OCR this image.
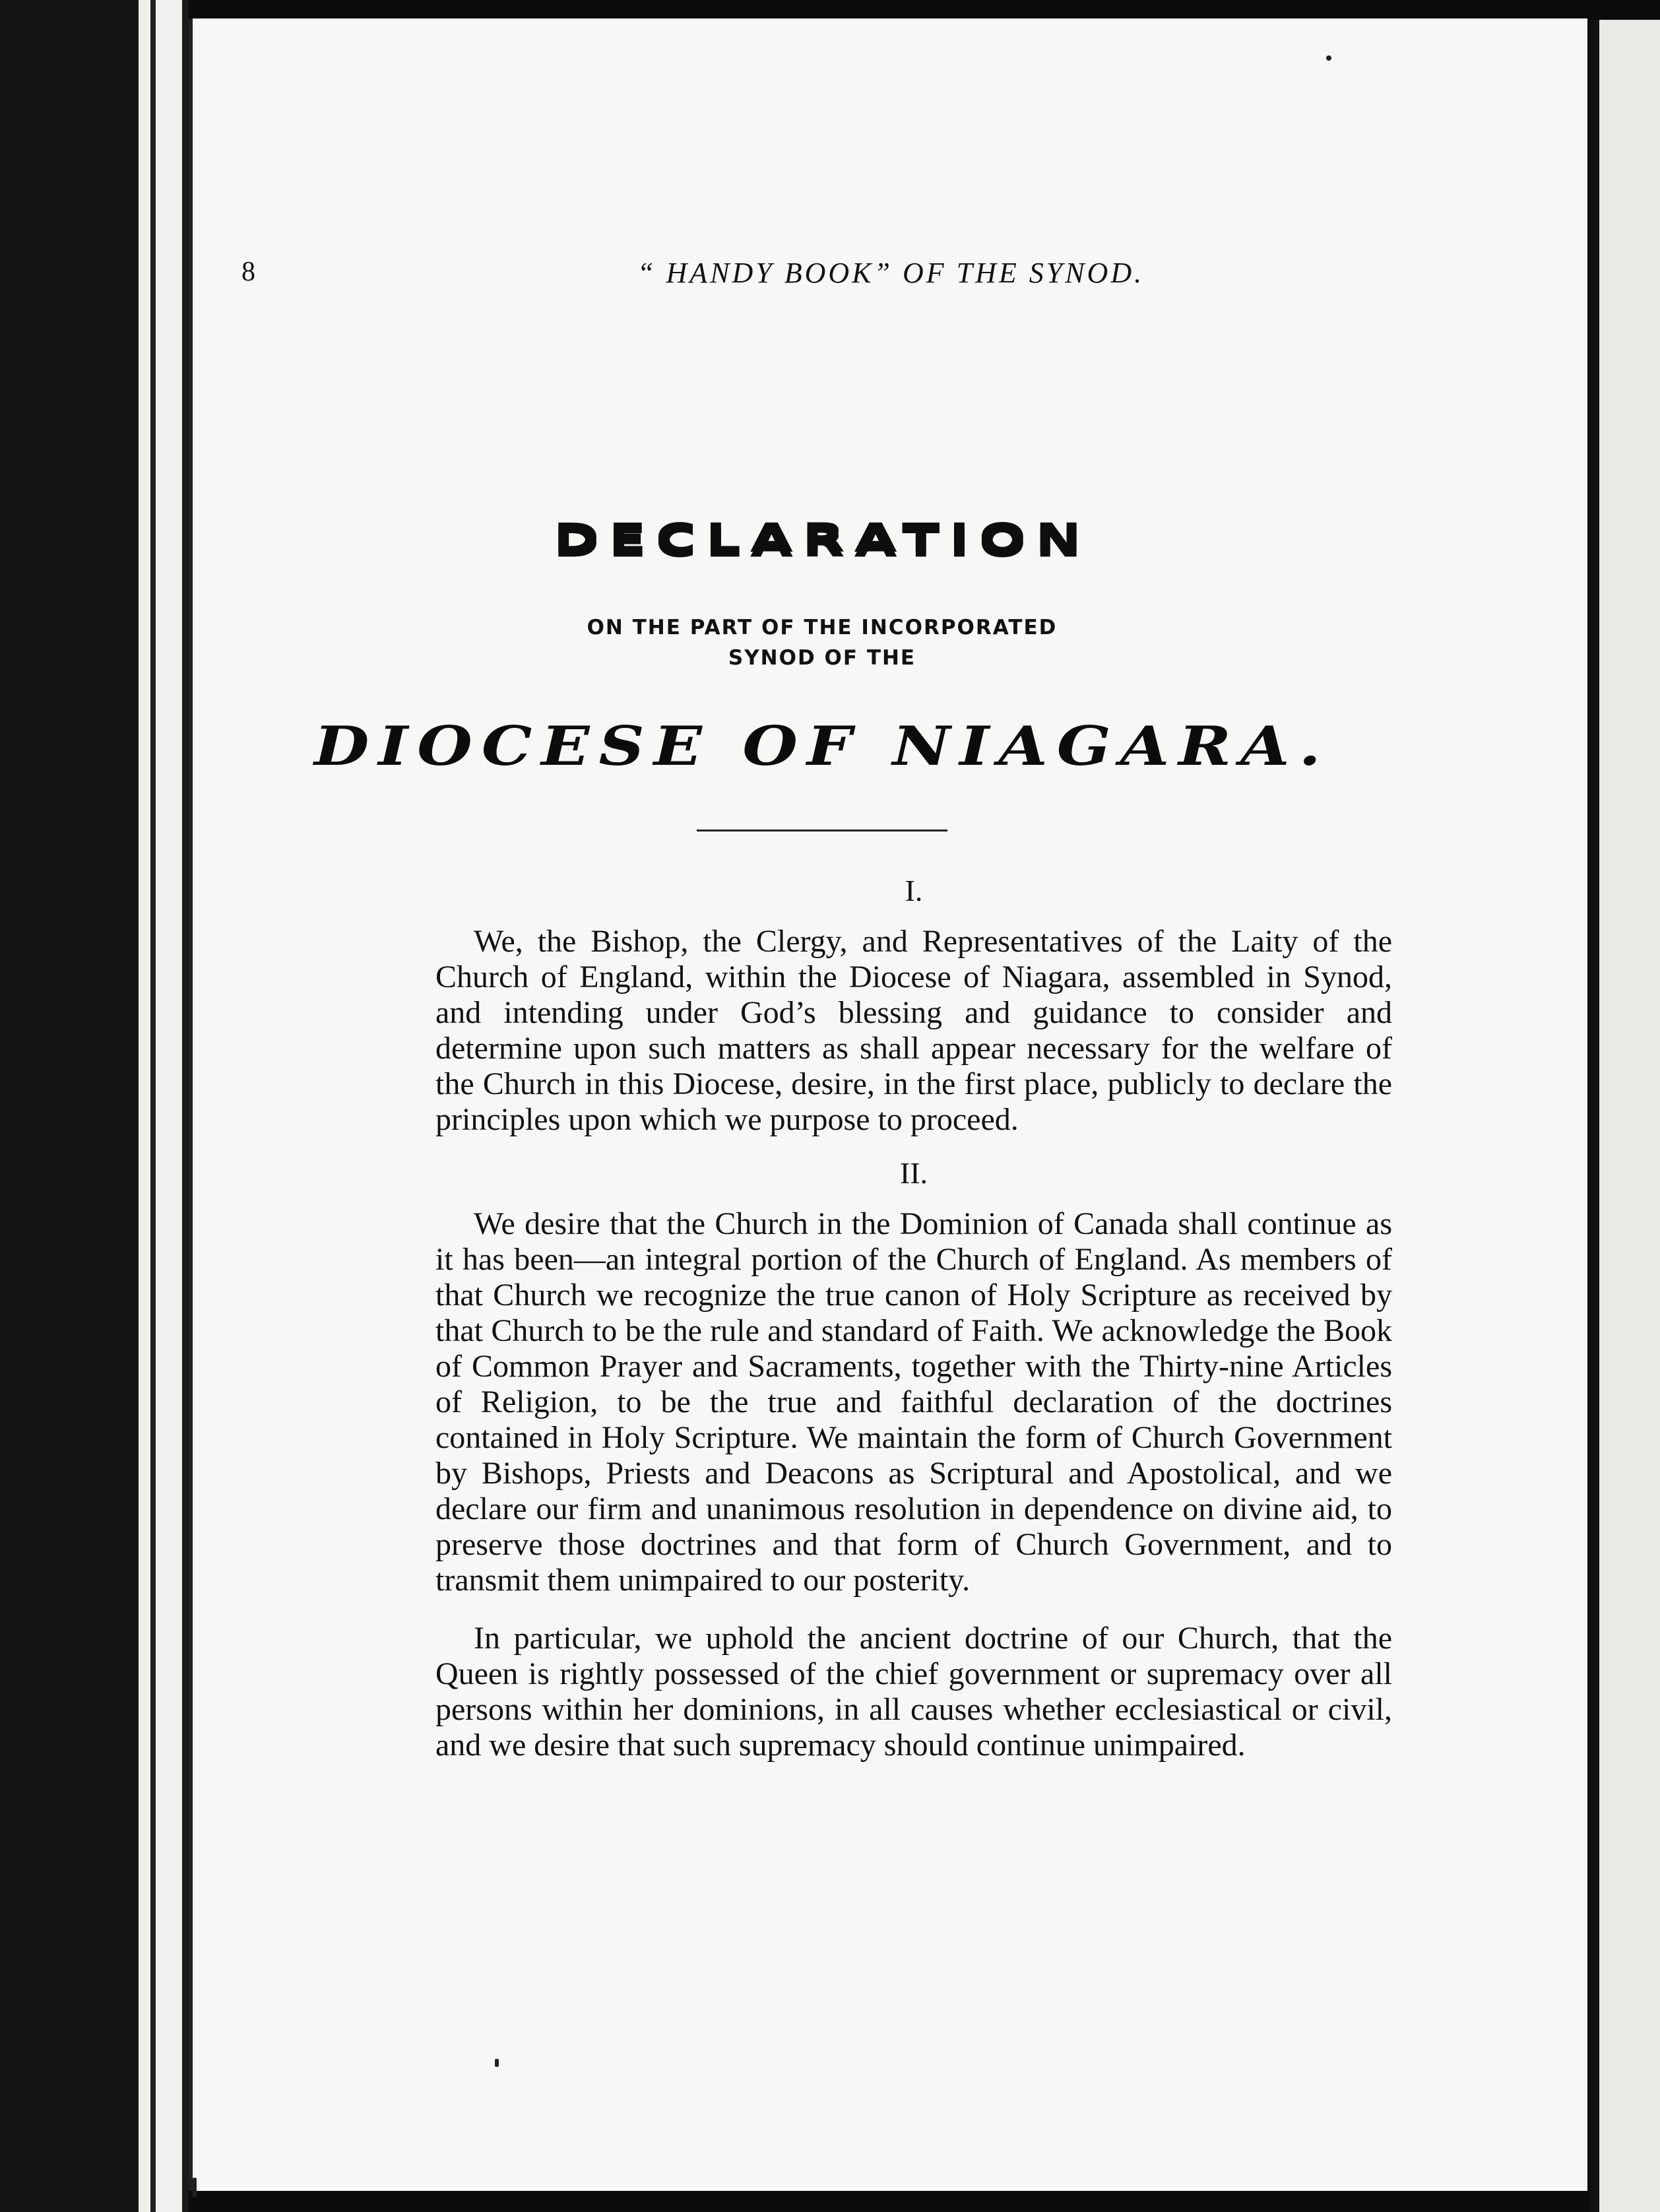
8	“ HANDY BOOK” OF THE SYNOD.
DECLARATION
ON THE PART OF THE INCORPORATED
SYNOD OF THE
DIOCESE OF NIAGARA.
I.

We, the Bishop, the Clergy, and Representatives of the Laity of the Church of England, within the Diocese of Niagara, assembled in Synod, and intending under God’s blessing and guidance to consider and determine upon such matters as shall appear necessary for the welfare of the Church in this Diocese, desire, in the first place, publicly to declare the principles upon which we purpose to proceed.

II.

We desire that the Church in the Dominion of Canada shall continue as it has been—an integral portion of the Church of England. As members of that Church we recognize the true canon of Holy Scripture as received by that Church to be the rule and standard of Faith. We acknowledge the Book of Common Prayer and Sacraments, together with the Thirty-nine Articles of Religion, to be the true and faithful declaration of the doctrines contained in Holy Scripture. We maintain the form of Church Government by Bishops, Priests and Deacons as Scriptural and Apostolical, and we declare our firm and unanimous resolution in dependence on divine aid, to preserve those doctrines and that form of Church Government, and to transmit them unimpaired to our posterity.

In particular, we uphold the ancient doctrine of our Church, that the Queen is rightly possessed of the chief government or supremacy over all persons within her dominions, in all causes whether ecclesiastical or civil, and we desire that such supremacy should continue unimpaired.
